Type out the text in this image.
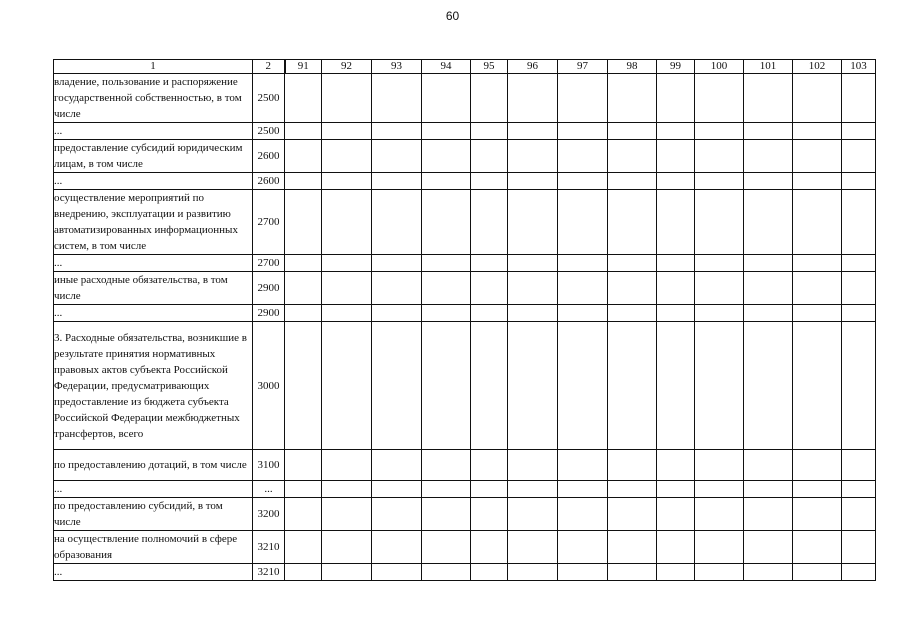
60
1	2	91	92	93	94	95	96	97	98	99	100	101	102	103
владение, пользование и распоряжение государственной собственностью, в том числе	2500													
...	2500													
предоставление субсидий юридическим лицам, в том числе	2600													
...	2600													
осуществление мероприятий по внедрению, эксплуатации и развитию автоматизированных информационных систем, в том числе	2700													
...	2700													
иные расходные обязательства, в том числе	2900													
...	2900													
3. Расходные обязательства, возникшие в результате принятия нормативных правовых актов субъекта Российской Федерации, предусматривающих предоставление из бюджета субъекта Российской Федерации межбюджетных трансфертов, всего	3000													
по предоставлению дотаций, в том числе	3100													
...	...													
по предоставлению субсидий, в том числе	3200													
на осуществление полномочий в сфере образования	3210													
...	3210													
